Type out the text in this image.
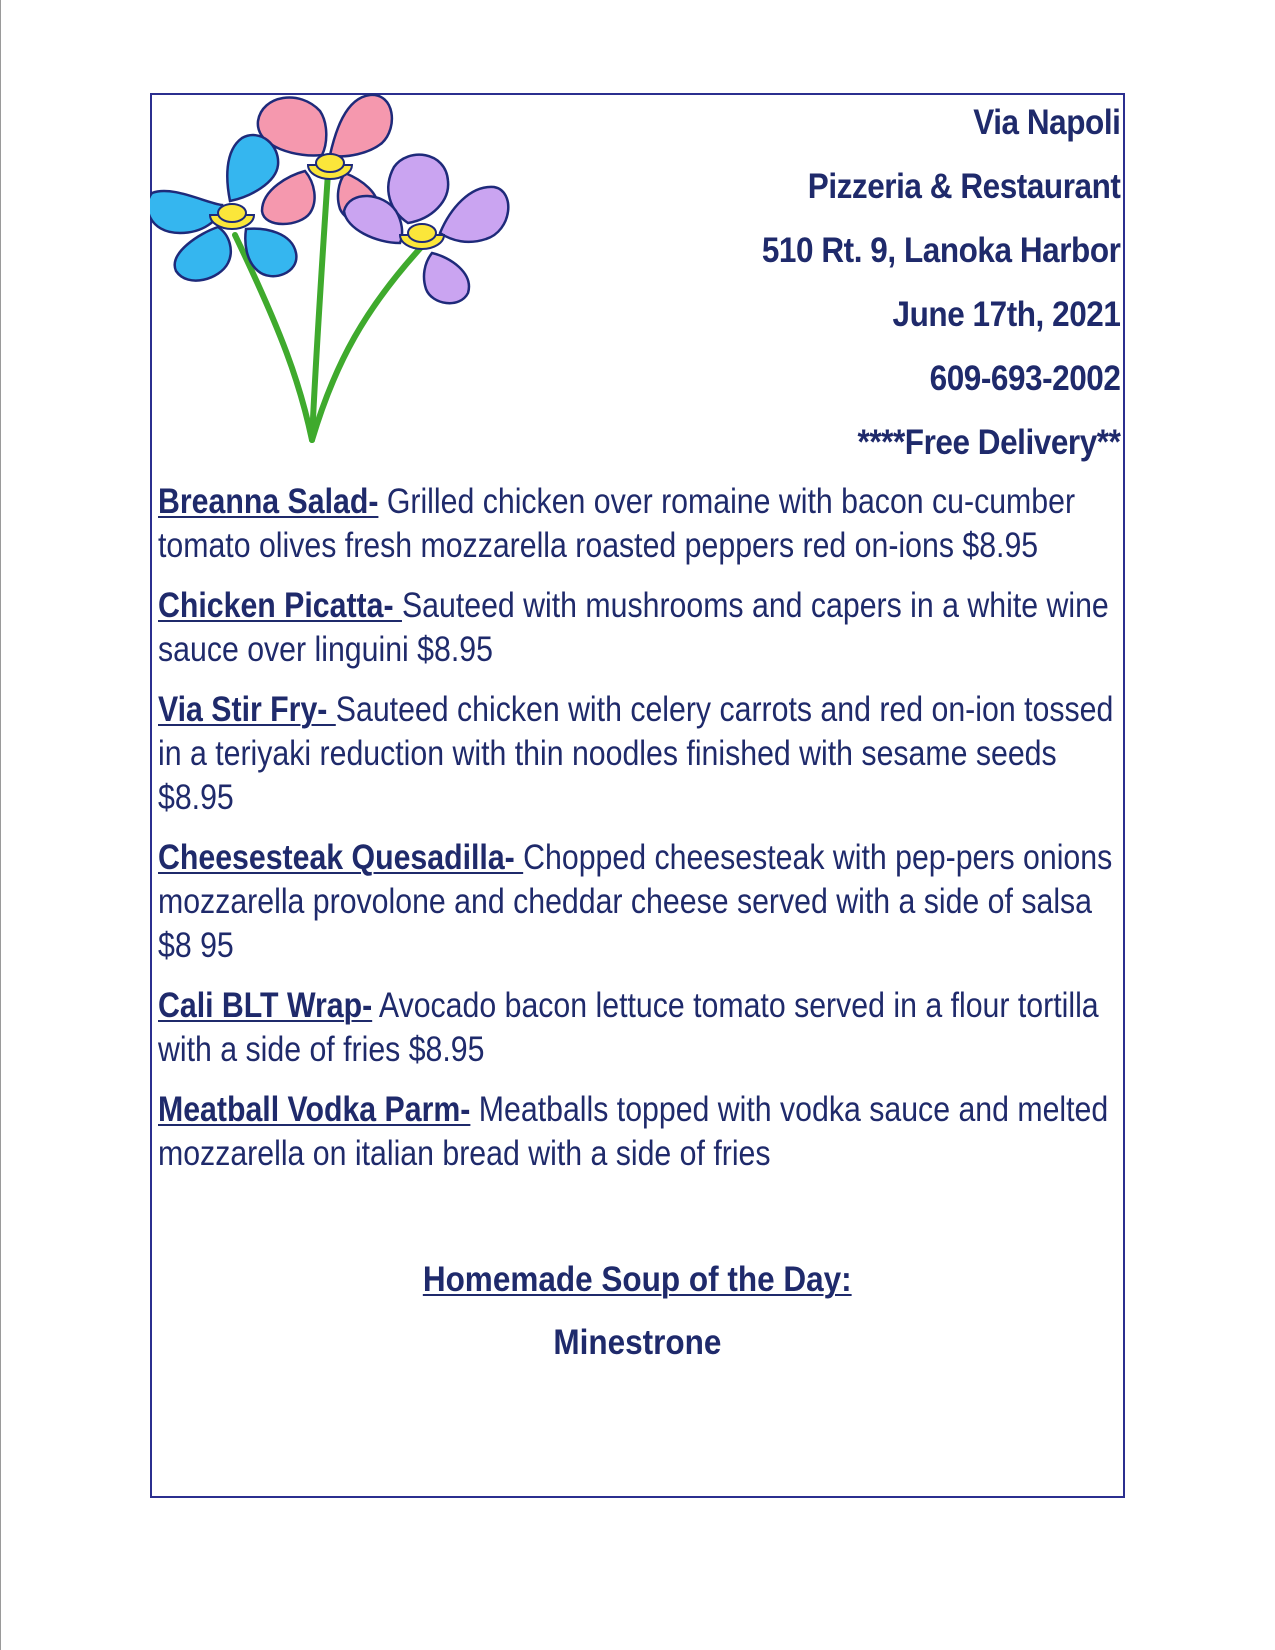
Via Napoli
Pizzeria & Restaurant
510 Rt. 9, Lanoka Harbor
June 17th, 2021
609-693-2002
****Free Delivery**
Breanna Salad- Grilled chicken over romaine with bacon cu-cumber tomato olives fresh mozzarella roasted peppers red on-ions $8.95
Chicken Picatta- Sauteed with mushrooms and capers in a white wine sauce over linguini $8.95
Via Stir Fry- Sauteed chicken with celery carrots and red on-ion tossed in a teriyaki reduction with thin noodles finished with sesame seeds $8.95
Cheesesteak Quesadilla- Chopped cheesesteak with pep-pers onions mozzarella provolone and cheddar cheese served with a side of salsa $8 95
Cali BLT Wrap- Avocado bacon lettuce tomato served in a flour tortilla with a side of fries $8.95
Meatball Vodka Parm- Meatballs topped with vodka sauce and melted mozzarella on italian bread with a side of fries
Homemade Soup of the Day:
Minestrone
